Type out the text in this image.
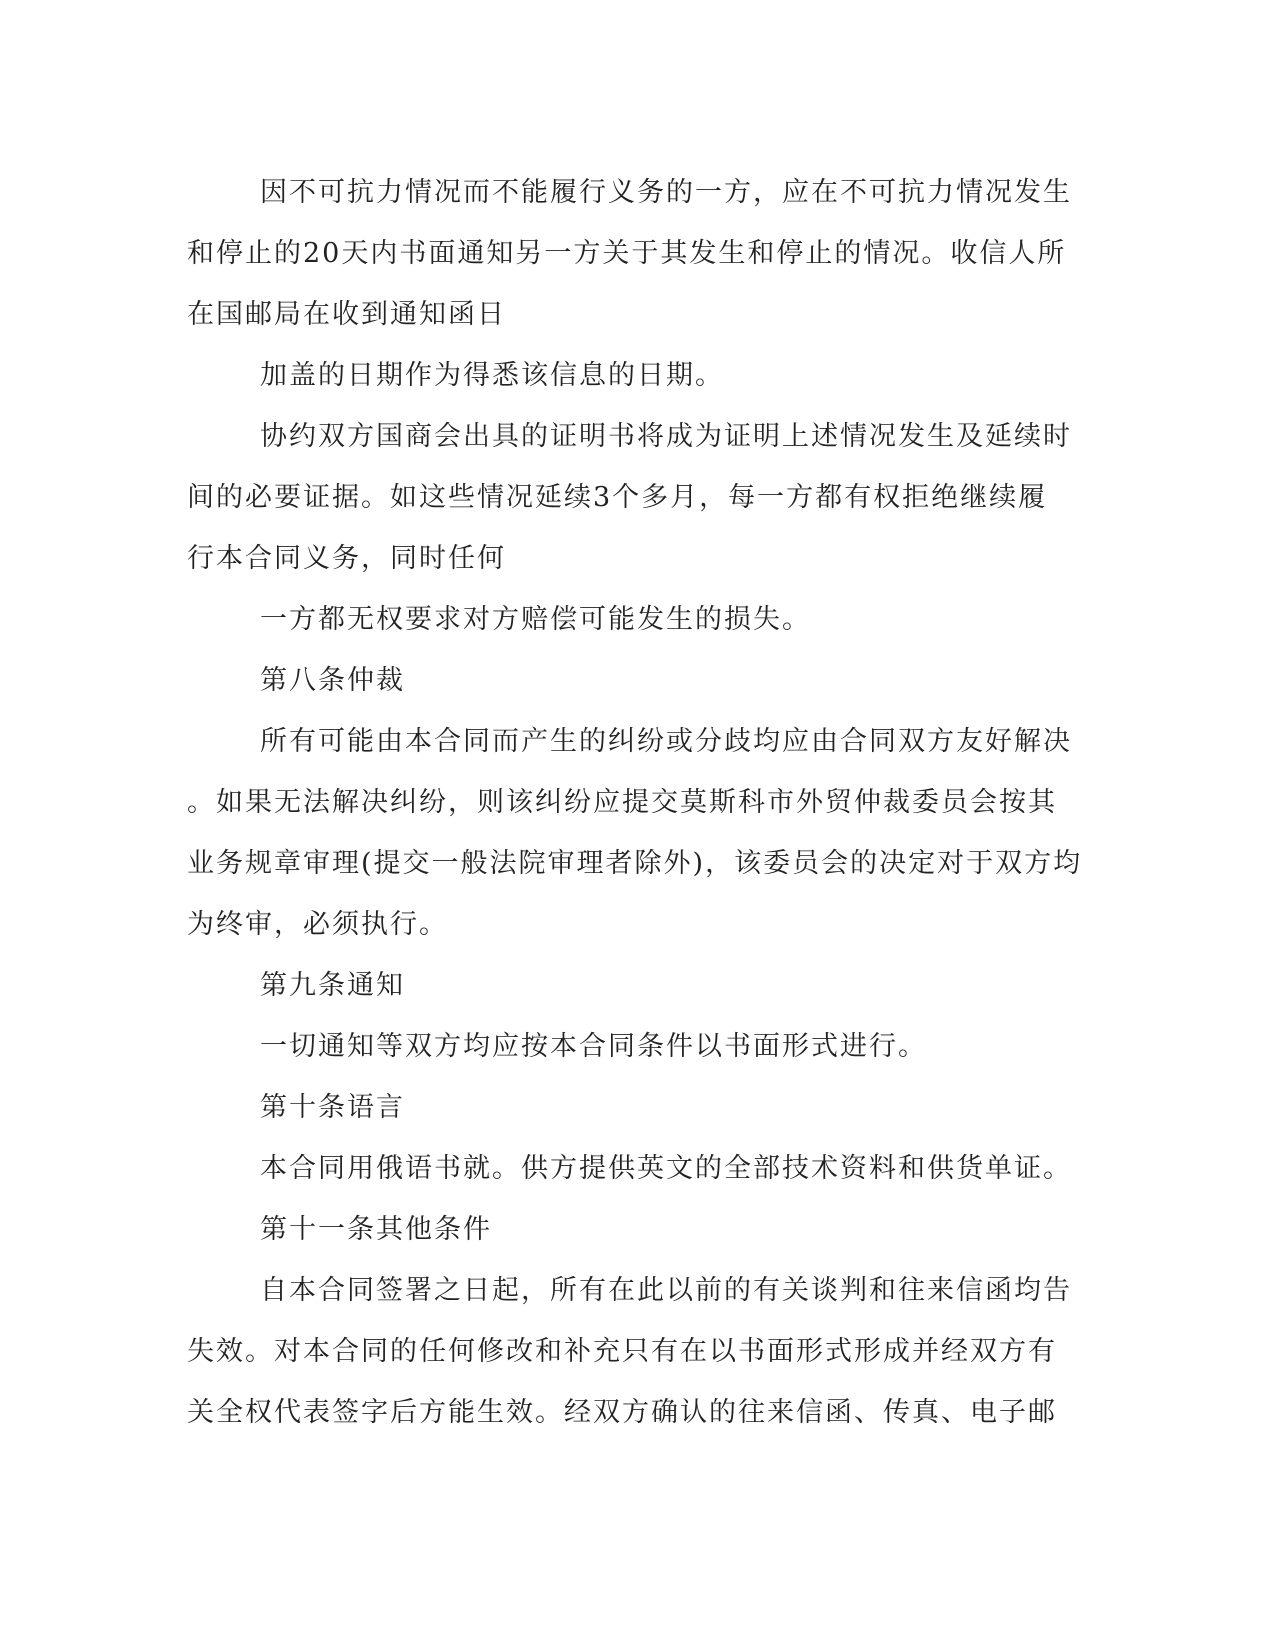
因不可抗力情况而不能履行义务的一方，应在不可抗力情况发生
和停止的20天内书面通知另一方关于其发生和停止的情况。收信人所
在国邮局在收到通知函日
加盖的日期作为得悉该信息的日期。
协约双方国商会出具的证明书将成为证明上述情况发生及延续时
间的必要证据。如这些情况延续3个多月，每一方都有权拒绝继续履
行本合同义务，同时任何
一方都无权要求对方赔偿可能发生的损失。
第八条仲裁
所有可能由本合同而产生的纠纷或分歧均应由合同双方友好解决
。如果无法解决纠纷，则该纠纷应提交莫斯科市外贸仲裁委员会按其
业务规章审理(提交一般法院审理者除外)，该委员会的决定对于双方均
为终审，必须执行。
第九条通知
一切通知等双方均应按本合同条件以书面形式进行。
第十条语言
本合同用俄语书就。供方提供英文的全部技术资料和供货单证。
第十一条其他条件
自本合同签署之日起，所有在此以前的有关谈判和往来信函均告
失效。对本合同的任何修改和补充只有在以书面形式形成并经双方有
关全权代表签字后方能生效。经双方确认的往来信函、传真、电子邮
